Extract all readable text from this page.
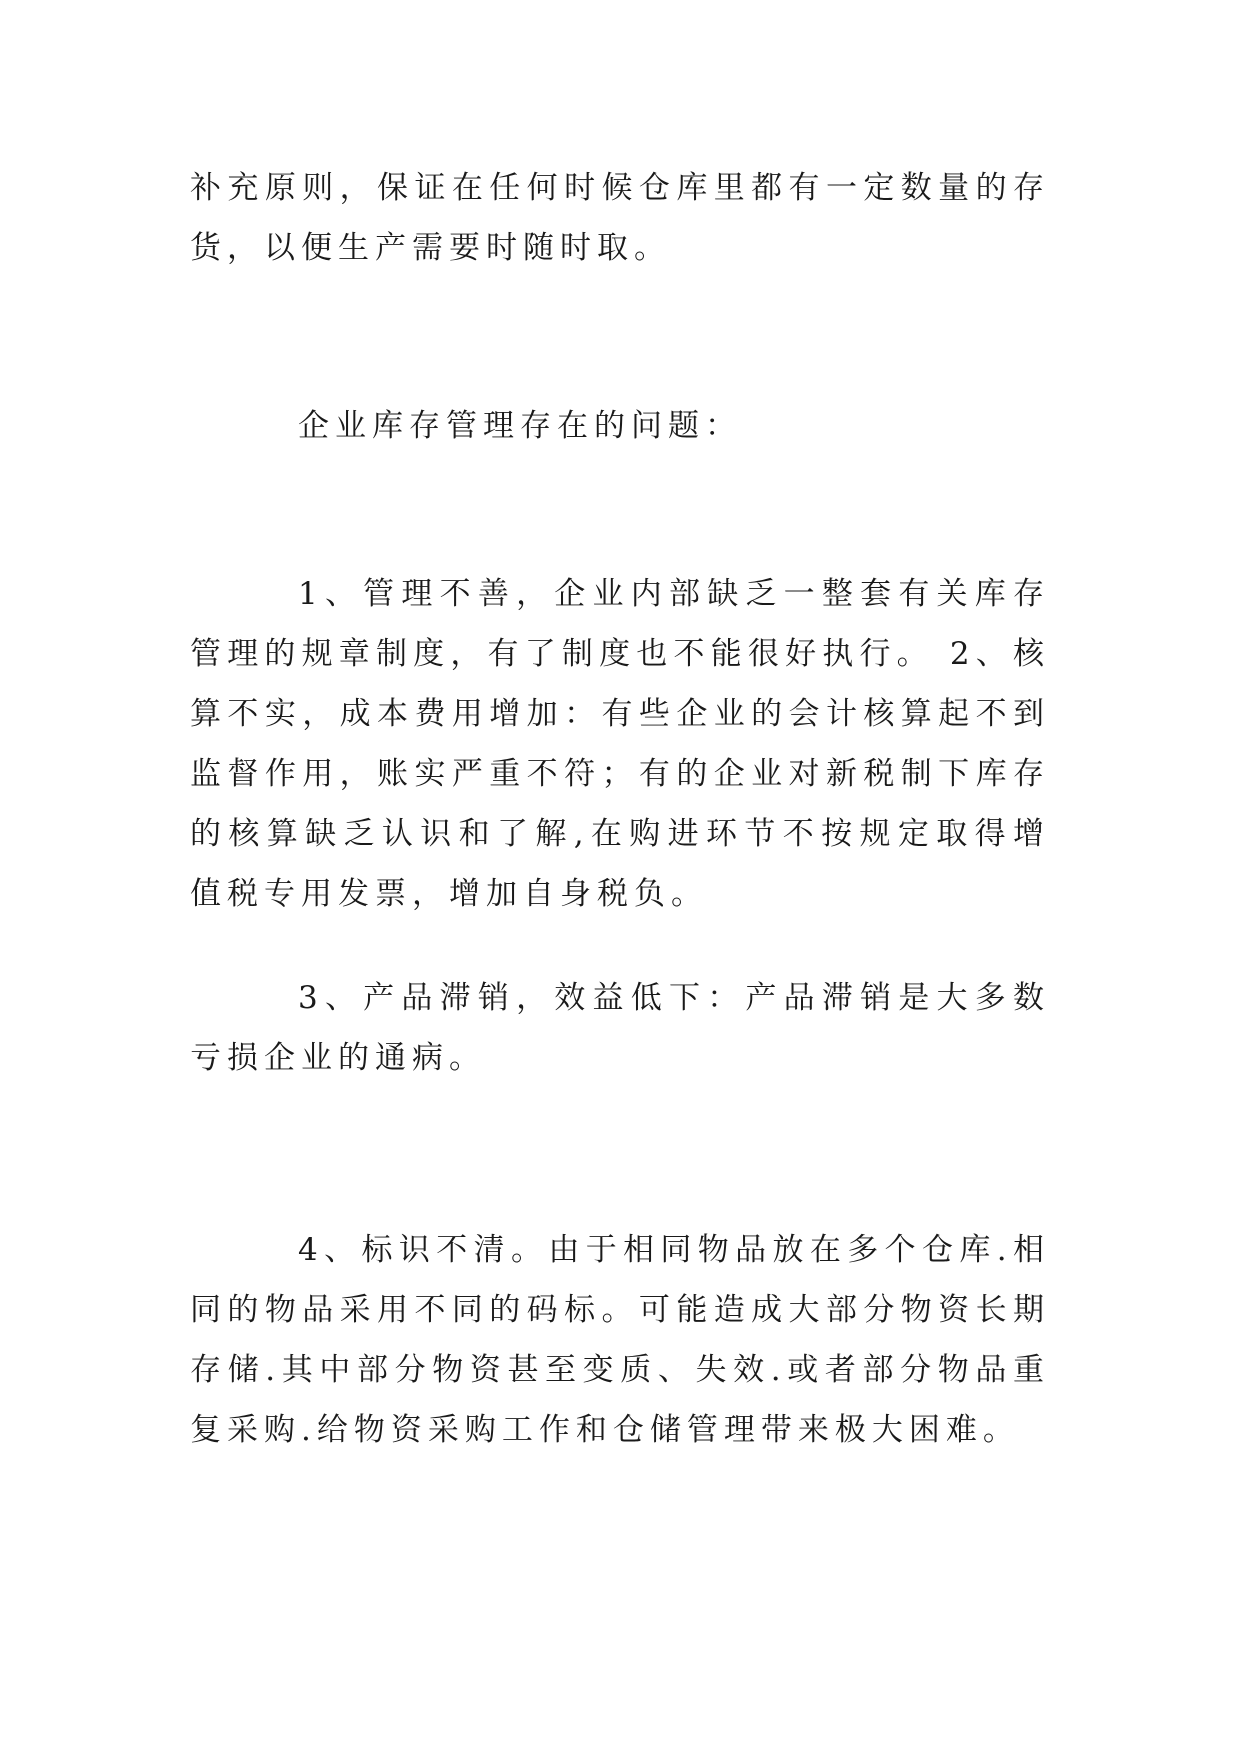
补充原则，保证在任何时候仓库里都有一定数量的存货，以便生产需要时随时取。

企业库存管理存在的问题：

1、管理不善，企业内部缺乏一整套有关库存管理的规章制度，有了制度也不能很好执行。 2、核算不实，成本费用增加：有些企业的会计核算起不到监督作用，账实严重不符；有的企业对新税制下库存的核算缺乏认识和了解,在购进环节不按规定取得增值税专用发票，增加自身税负。

3、产品滞销，效益低下：产品滞销是大多数亏损企业的通病。

4、标识不清。由于相同物品放在多个仓库.相同的物品采用不同的码标。可能造成大部分物资长期存储.其中部分物资甚至变质、失效.或者部分物品重复采购.给物资采购工作和仓储管理带来极大困难。
